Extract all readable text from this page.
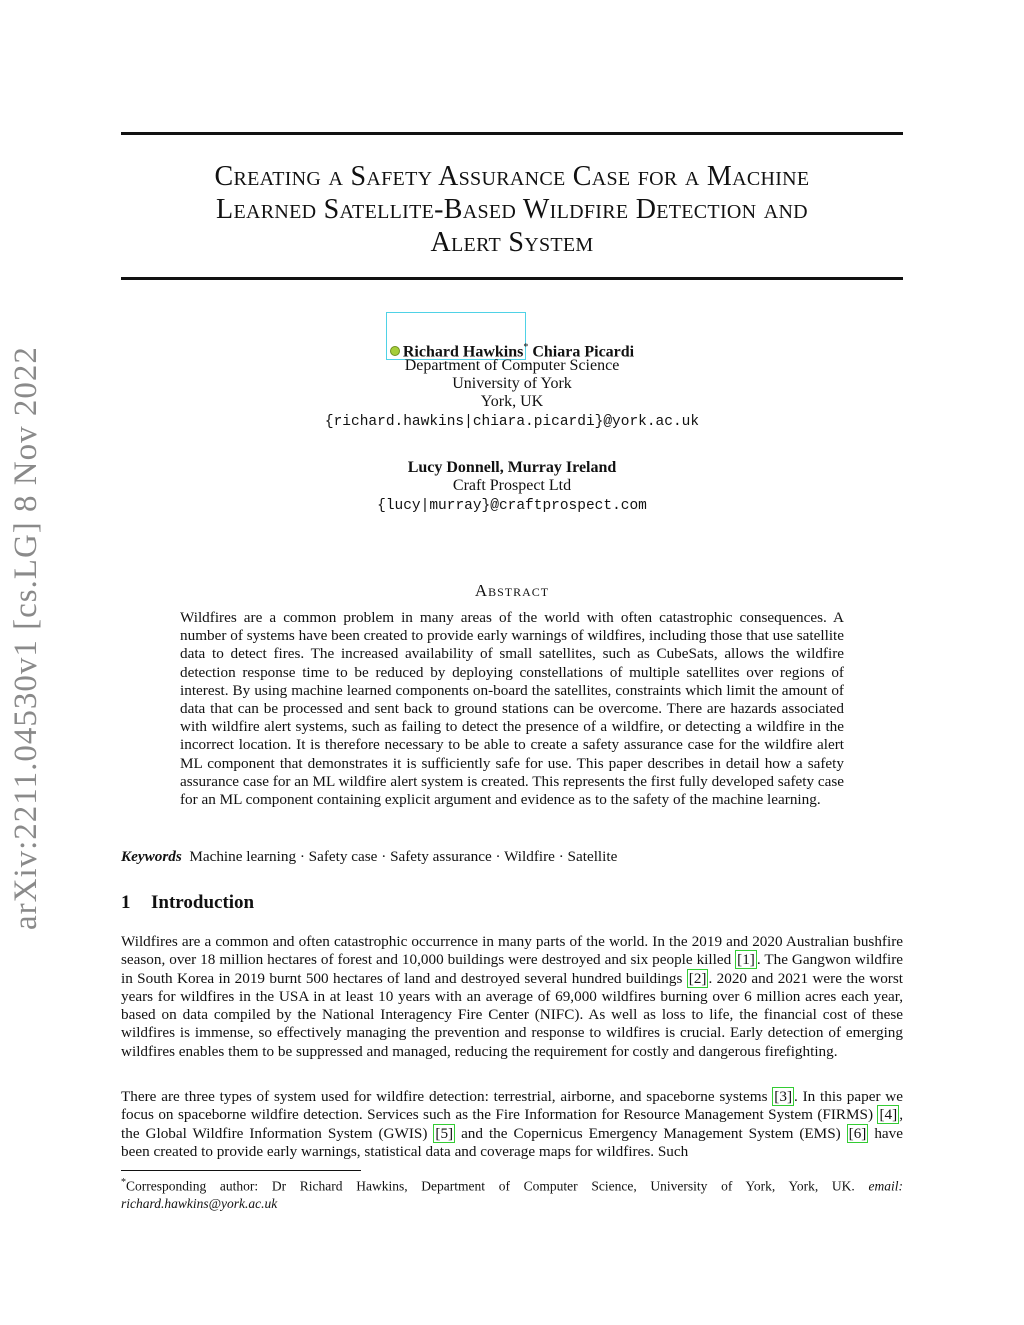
arXiv:2211.04530v1 [cs.LG] 8 Nov 2022
Creating a Safety Assurance Case for a Machine
Learned Satellite-Based Wildfire Detection and
Alert System
Richard Hawkins* Chiara Picardi
Department of Computer Science
University of York
York, UK
{richard.hawkins|chiara.picardi}@york.ac.uk
Lucy Donnell, Murray Ireland
Craft Prospect Ltd
{lucy|murray}@craftprospect.com
Abstract
Wildfires are a common problem in many areas of the world with often catastrophic consequences. A number of systems have been created to provide early warnings of wildfires, including those that use satellite data to detect fires. The increased availability of small satellites, such as CubeSats, allows the wildfire detection response time to be reduced by deploying constellations of multiple satellites over regions of interest. By using machine learned components on-board the satellites, constraints which limit the amount of data that can be processed and sent back to ground stations can be overcome. There are hazards associated with wildfire alert systems, such as failing to detect the presence of a wildfire, or detecting a wildfire in the incorrect location. It is therefore necessary to be able to create a safety assurance case for the wildfire alert ML component that demonstrates it is sufficiently safe for use. This paper describes in detail how a safety assurance case for an ML wildfire alert system is created. This represents the first fully developed safety case for an ML component containing explicit argument and evidence as to the safety of the machine learning.
Keywords Machine learning · Safety case · Safety assurance · Wildfire · Satellite
1 Introduction
Wildfires are a common and often catastrophic occurrence in many parts of the world. In the 2019 and 2020 Australian bushfire season, over 18 million hectares of forest and 10,000 buildings were destroyed and six people killed [1] . The Gangwon wildfire in South Korea in 2019 burnt 500 hectares of land and destroyed several hundred buildings [2] . 2020 and 2021 were the worst years for wildfires in the USA in at least 10 years with an average of 69,000 wildfires burning over 6 million acres each year, based on data compiled by the National Interagency Fire Center (NIFC). As well as loss to life, the financial cost of these wildfires is immense, so effectively managing the prevention and response to wildfires is crucial. Early detection of emerging wildfires enables them to be suppressed and managed, reducing the requirement for costly and dangerous firefighting.
There are three types of system used for wildfire detection: terrestrial, airborne, and spaceborne systems [3] . In this paper we focus on spaceborne wildfire detection. Services such as the Fire Information for Resource Management System (FIRMS) [4] , the Global Wildfire Information System (GWIS) [5] and the Copernicus Emergency Management System (EMS) [6] have been created to provide early warnings, statistical data and coverage maps for wildfires. Such
*Corresponding author: Dr Richard Hawkins, Department of Computer Science, University of York, York, UK. email: richard.hawkins@york.ac.uk
